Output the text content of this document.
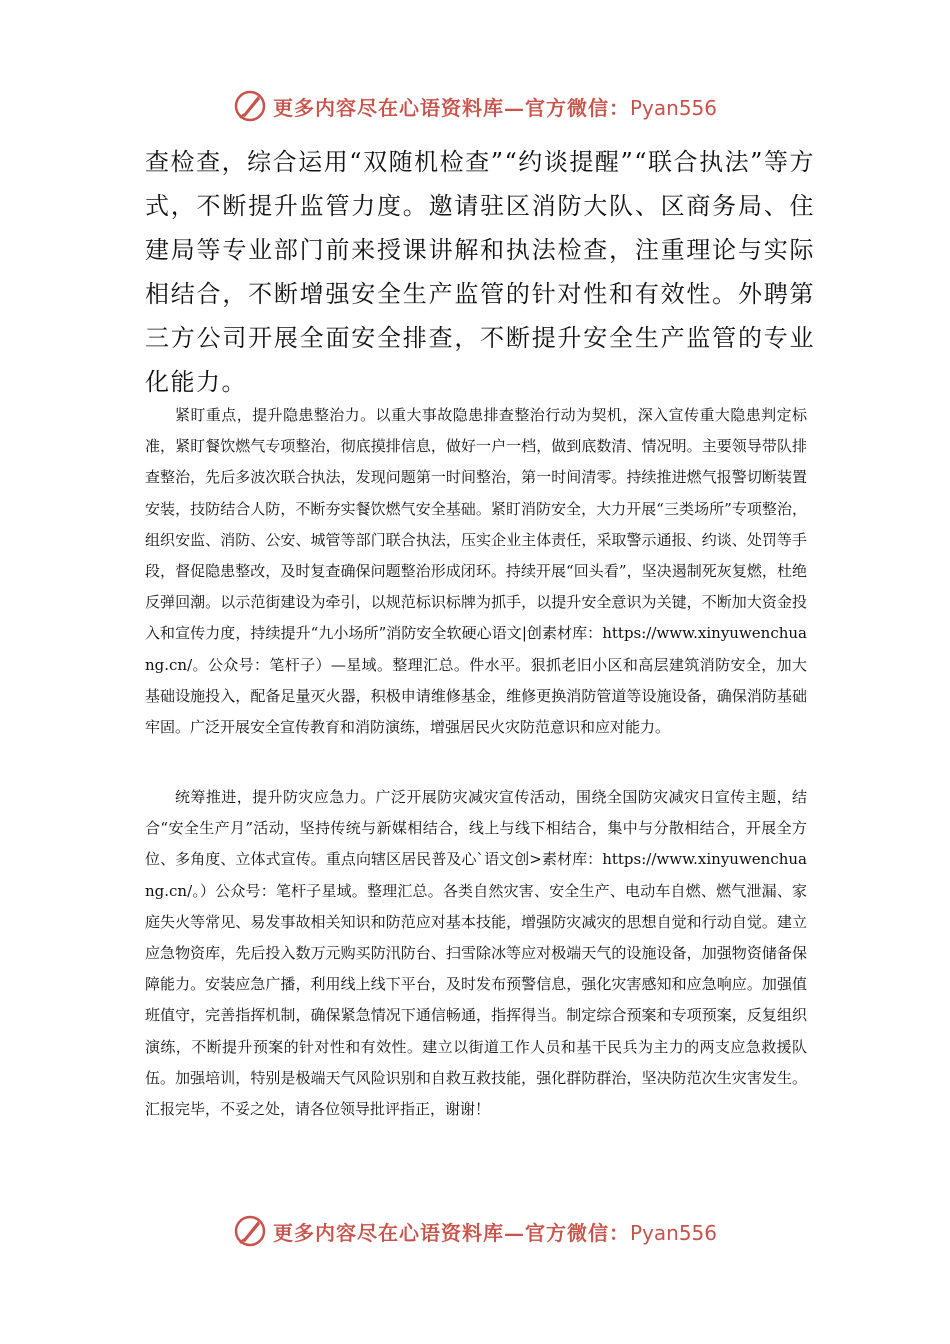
更多内容尽在心语资料库—官方微信：Pyan556

查检查，综合运用“双随机检查”“约谈提醒”“联合执法”等方式，不断提升监管力度。邀请驻区消防大队、区商务局、住建局等专业部门前来授课讲解和执法检查，注重理论与实际相结合，不断增强安全生产监管的针对性和有效性。外聘第三方公司开展全面安全排查，不断提升安全生产监管的专业化能力。

紧盯重点，提升隐患整治力。以重大事故隐患排查整治行动为契机，深入宣传重大隐患判定标准，紧盯餐饮燃气专项整治，彻底摸排信息，做好一户一档，做到底数清、情况明。主要领导带队排查整治，先后多波次联合执法，发现问题第一时间整治，第一时间清零。持续推进燃气报警切断装置安装，技防结合人防，不断夯实餐饮燃气安全基础。紧盯消防安全，大力开展“三类场所”专项整治，组织安监、消防、公安、城管等部门联合执法，压实企业主体责任，采取警示通报、约谈、处罚等手段，督促隐患整改，及时复查确保问题整治形成闭环。持续开展“回头看”，坚决遏制死灰复燃，杜绝反弹回潮。以示范街建设为牵引，以规范标识标牌为抓手，以提升安全意识为关键，不断加大资金投入和宣传力度，持续提升“九小场所”消防安全软硬心语文|创素材库：https://www.xinyuwenchuang.cn/。公众号：笔杆子）—星域。整理汇总。件水平。狠抓老旧小区和高层建筑消防安全，加大基础设施投入，配备足量灭火器，积极申请维修基金，维修更换消防管道等设施设备，确保消防基础牢固。广泛开展安全宣传教育和消防演练，增强居民火灾防范意识和应对能力。

统筹推进，提升防灾应急力。广泛开展防灾减灾宣传活动，围绕全国防灾减灾日宣传主题，结合“安全生产月”活动，坚持传统与新媒相结合，线上与线下相结合，集中与分散相结合，开展全方位、多角度、立体式宣传。重点向辖区居民普及心`语文创>素材库：https://www.xinyuwenchuang.cn/。）公众号：笔杆子星域。整理汇总。各类自然灾害、安全生产、电动车自燃、燃气泄漏、家庭失火等常见、易发事故相关知识和防范应对基本技能，增强防灾减灾的思想自觉和行动自觉。建立应急物资库，先后投入数万元购买防汛防台、扫雪除冰等应对极端天气的设施设备，加强物资储备保障能力。安装应急广播，利用线上线下平台，及时发布预警信息，强化灾害感知和应急响应。加强值班值守，完善指挥机制，确保紧急情况下通信畅通，指挥得当。制定综合预案和专项预案，反复组织演练，不断提升预案的针对性和有效性。建立以街道工作人员和基干民兵为主力的两支应急救援队伍。加强培训，特别是极端天气风险识别和自救互救技能，强化群防群治，坚决防范次生灾害发生。汇报完毕，不妥之处，请各位领导批评指正，谢谢！

更多内容尽在心语资料库—官方微信：Pyan556
